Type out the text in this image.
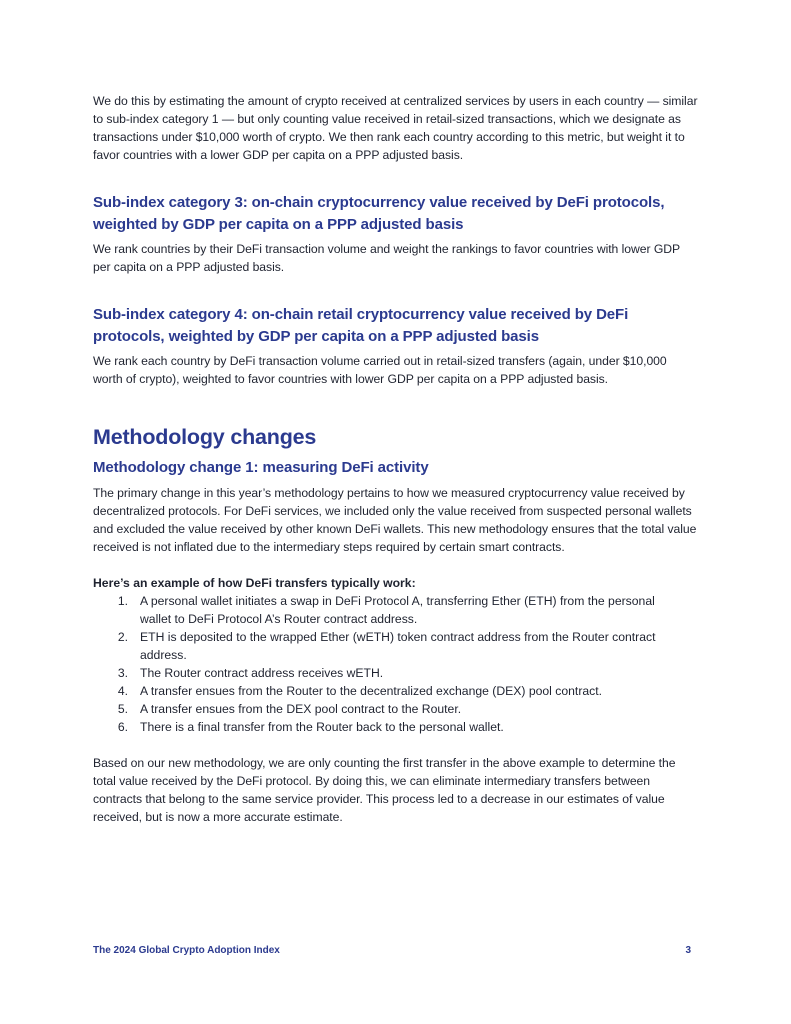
We do this by estimating the amount of crypto received at centralized services by users in each country — similar to sub-index category 1 — but only counting value received in retail-sized transactions, which we designate as transactions under $10,000 worth of crypto. We then rank each country according to this metric, but weight it to favor countries with a lower GDP per capita on a PPP adjusted basis.

Sub-index category 3: on-chain cryptocurrency value received by DeFi protocols, weighted by GDP per capita on a PPP adjusted basis

We rank countries by their DeFi transaction volume and weight the rankings to favor countries with lower GDP per capita on a PPP adjusted basis.

Sub-index category 4: on-chain retail cryptocurrency value received by DeFi protocols, weighted by GDP per capita on a PPP adjusted basis

We rank each country by DeFi transaction volume carried out in retail-sized transfers (again, under $10,000 worth of crypto), weighted to favor countries with lower GDP per capita on a PPP adjusted basis.

Methodology changes
Methodology change 1: measuring DeFi activity

The primary change in this year’s methodology pertains to how we measured cryptocurrency value received by decentralized protocols. For DeFi services, we included only the value received from suspected personal wallets and excluded the value received by other known DeFi wallets. This new methodology ensures that the total value received is not inflated due to the intermediary steps required by certain smart contracts.

Here’s an example of how DeFi transfers typically work:

1. A personal wallet initiates a swap in DeFi Protocol A, transferring Ether (ETH) from the personal wallet to DeFi Protocol A’s Router contract address.
2. ETH is deposited to the wrapped Ether (wETH) token contract address from the Router contract address.
3. The Router contract address receives wETH.
4. A transfer ensues from the Router to the decentralized exchange (DEX) pool contract.
5. A transfer ensues from the DEX pool contract to the Router.
6. There is a final transfer from the Router back to the personal wallet.

Based on our new methodology, we are only counting the first transfer in the above example to determine the total value received by the DeFi protocol. By doing this, we can eliminate intermediary transfers between contracts that belong to the same service provider. This process led to a decrease in our estimates of value received, but is now a more accurate estimate.

The 2024 Global Crypto Adoption Index	3
